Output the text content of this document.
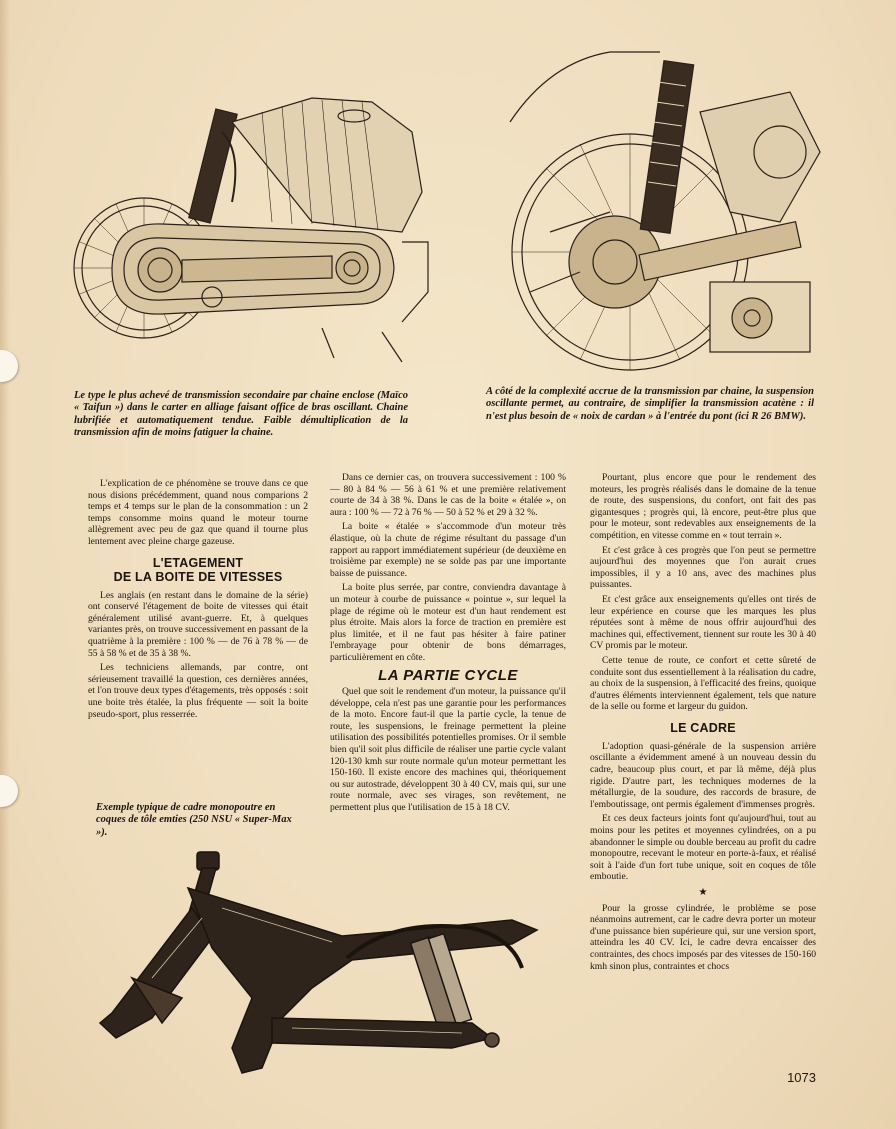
Le type le plus achevé de transmission secondaire par chaine enclose (Maïco « Taifun ») dans le carter en alliage faisant office de bras oscillant. Chaine lubrifiée et automatiquement tendue. Faible démultiplication de la transmission afin de moins fatiguer la chaine.
A côté de la complexité accrue de la transmission par chaine, la suspension oscillante permet, au contraire, de simplifier la transmission acatène : il n'est plus besoin de « noix de cardan » à l'entrée du pont (ici R 26 BMW).
Exemple typique de cadre monopoutre en coques de tôle emties (250 NSU « Super-Max »).

L'explication de ce phénomène se trouve dans ce que nous disions précédemment, quand nous comparions 2 temps et 4 temps sur le plan de la consommation : un 2 temps consomme moins quand le moteur tourne allègrement avec peu de gaz que quand il tourne plus lentement avec pleine charge gazeuse.

L'ETAGEMENT
DE LA BOITE DE VITESSES

Les anglais (en restant dans le domaine de la série) ont conservé l'étagement de boite de vitesses qui était généralement utilisé avant-guerre. Et, à quelques variantes près, on trouve successivement en passant de la quatrième à la première : 100 % — de 76 à 78 % — de 55 à 58 % et de 35 à 38 %.

Les techniciens allemands, par contre, ont sérieusement travaillé la question, ces dernières années, et l'on trouve deux types d'étagements, très opposés : soit une boite très étalée, la plus fréquente — soit la boite pseudo-sport, plus resserrée.

Dans ce dernier cas, on trouvera successivement : 100 % — 80 à 84 % — 56 à 61 % et une première relativement courte de 34 à 38 %. Dans le cas de la boite « étalée », on aura : 100 % — 72 à 76 % — 50 à 52 % et 29 à 32 %.

La boite « étalée » s'accommode d'un moteur très élastique, où la chute de régime résultant du passage d'un rapport au rapport immédiatement supérieur (de deuxième en troisième par exemple) ne se solde pas par une importante baisse de puissance.

La boite plus serrée, par contre, conviendra davantage à un moteur à courbe de puissance « pointue », sur lequel la plage de régime où le moteur est d'un haut rendement est plus étroite. Mais alors la force de traction en première est plus limitée, et il ne faut pas hésiter à faire patiner l'embrayage pour obtenir de bons démarrages, particulièrement en côte.

LA PARTIE CYCLE

Quel que soit le rendement d'un moteur, la puissance qu'il développe, cela n'est pas une garantie pour les performances de la moto. Encore faut-il que la partie cycle, la tenue de route, les suspensions, le freinage permettent la pleine utilisation des possibilités potentielles promises. Or il semble bien qu'il soit plus difficile de réaliser une partie cycle valant 120-130 kmh sur route normale qu'un moteur permettant les 150-160. Il existe encore des machines qui, théoriquement ou sur autostrade, développent 30 à 40 CV, mais qui, sur une route normale, avec ses virages, son revêtement, ne permettent plus que l'utilisation de 15 à 18 CV.

Pourtant, plus encore que pour le rendement des moteurs, les progrès réalisés dans le domaine de la tenue de route, des suspensions, du confort, ont fait des pas gigantesques ; progrès qui, là encore, peut-être plus que pour le moteur, sont redevables aux enseignements de la compétition, en vitesse comme en « tout terrain ».

Et c'est grâce à ces progrès que l'on peut se permettre aujourd'hui des moyennes que l'on aurait crues impossibles, il y a 10 ans, avec des machines plus puissantes.

Et c'est grâce aux enseignements qu'elles ont tirés de leur expérience en course que les marques les plus réputées sont à même de nous offrir aujourd'hui des machines qui, effectivement, tiennent sur route les 30 à 40 CV promis par le moteur.

Cette tenue de route, ce confort et cette sûreté de conduite sont dus essentiellement à la réalisation du cadre, au choix de la suspension, à l'efficacité des freins, quoique d'autres éléments interviennent également, tels que nature de la selle ou forme et largeur du guidon.

LE CADRE

L'adoption quasi-générale de la suspension arrière oscillante a évidemment amené à un nouveau dessin du cadre, beaucoup plus court, et par là même, déjà plus rigide. D'autre part, les techniques modernes de la métallurgie, de la soudure, des raccords de brasure, de l'emboutissage, ont permis également d'immenses progrès.

Et ces deux facteurs joints font qu'aujourd'hui, tout au moins pour les petites et moyennes cylindrées, on a pu abandonner le simple ou double berceau au profit du cadre monopoutre, recevant le moteur en porte-à-faux, et réalisé soit à l'aide d'un fort tube unique, soit en coques de tôle emboutie.

★

Pour la grosse cylindrée, le problème se pose néanmoins autrement, car le cadre devra porter un moteur d'une puissance bien supérieure qui, sur une version sport, atteindra les 40 CV. Ici, le cadre devra encaisser des contraintes, des chocs imposés par des vitesses de 150-160 kmh sinon plus, contraintes et chocs

1073
